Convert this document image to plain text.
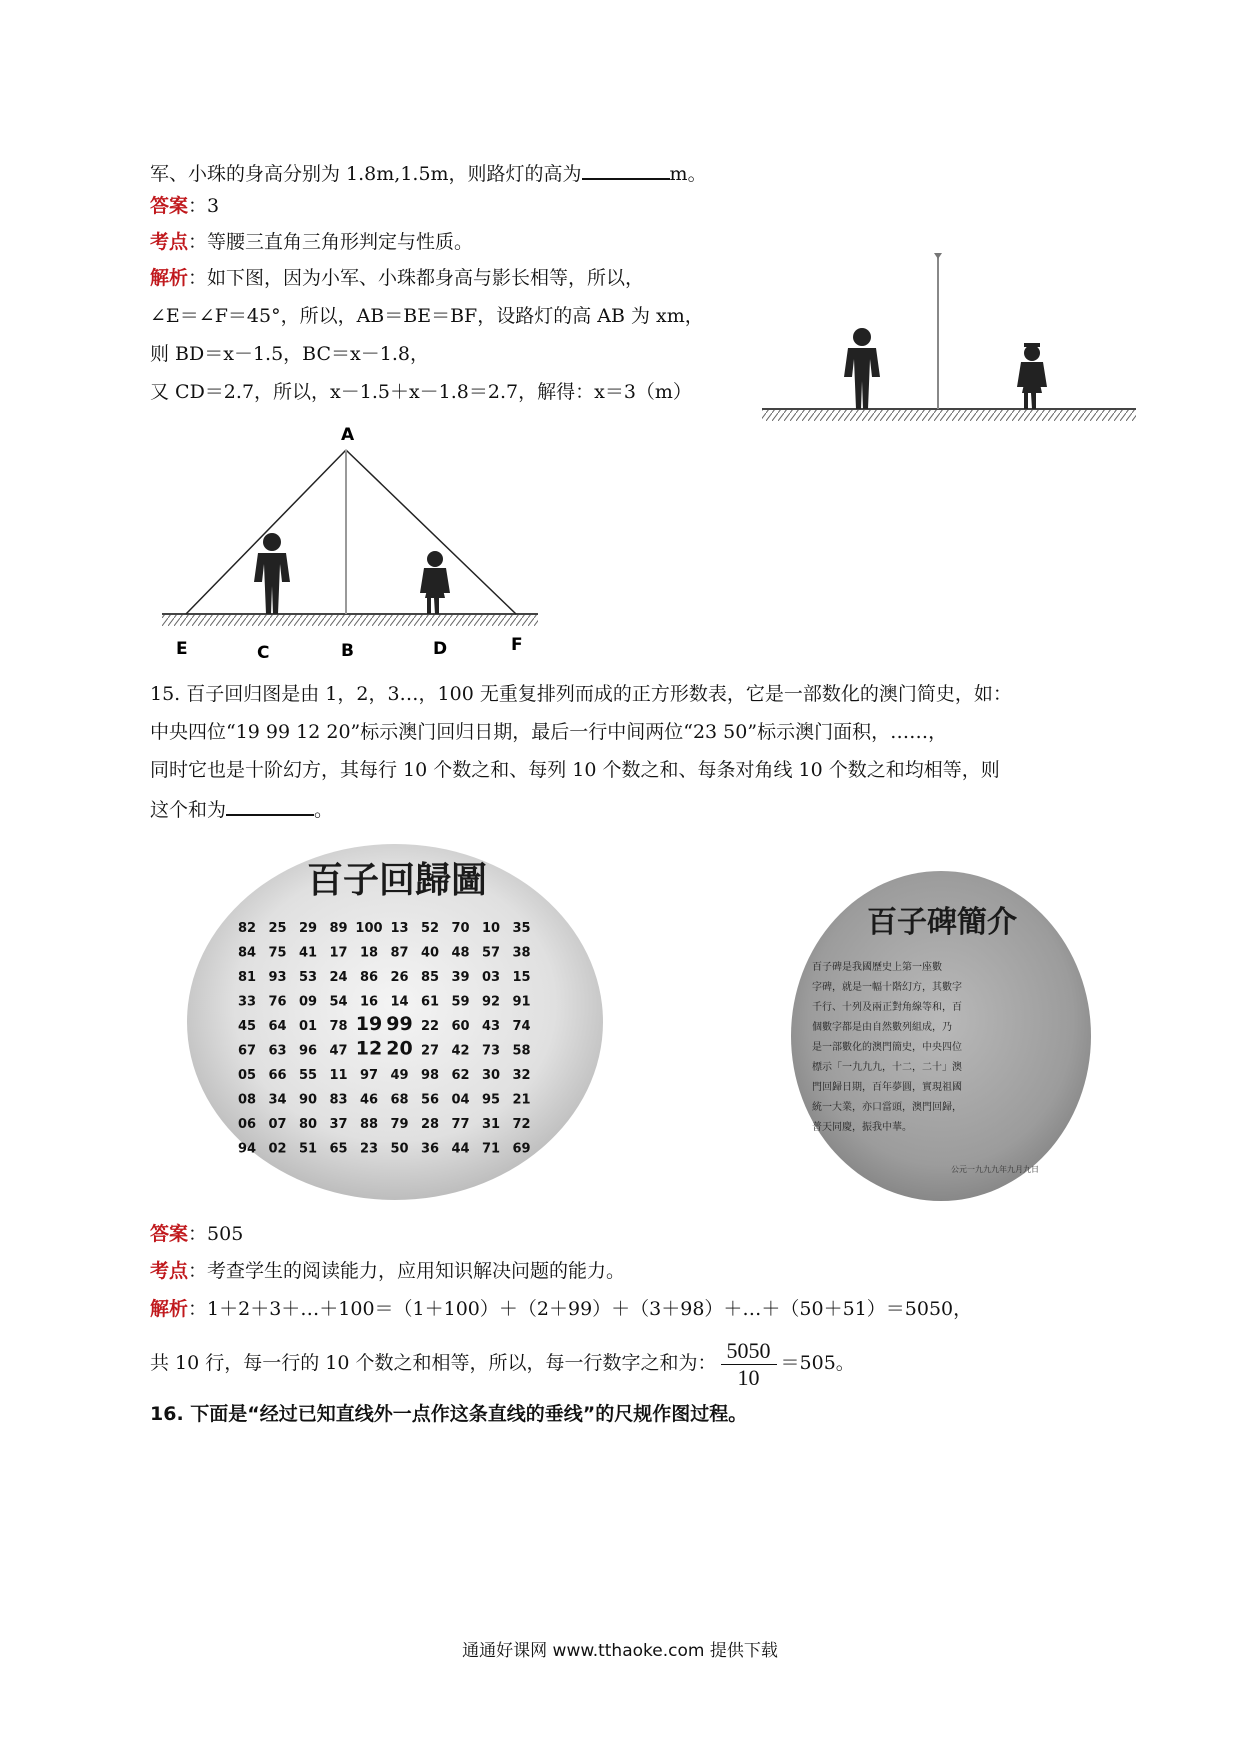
军、小珠的身高分别为 1.8m,1.5m，则路灯的高为	m。
答案：3
考点：等腰三直角三角形判定与性质。
解析：如下图，因为小军、小珠都身高与影长相等，所以，
∠E＝∠F＝45°，所以，AB＝BE＝BF，设路灯的高 AB 为 xm，
则 BD＝x－1.5，BC＝x－1.8，
又 CD＝2.7，所以，x－1.5＋x－1.8＝2.7，解得：x＝3（m）
A
E	C	B	D	F
15. 百子回归图是由 1，2，3…，100 无重复排列而成的正方形数表，它是一部数化的澳门简史，如：
中央四位“19 99 12 20”标示澳门回归日期，最后一行中间两位“23 50”标示澳门面积，……，
同时它也是十阶幻方，其每行 10 个数之和、每列 10 个数之和、每条对角线 10 个数之和均相等，则
这个和为	。
百子回歸圖
82 25 29 89 100 13 52 70 10 35
84 75 41 17 18 87 40 48 57 38
81 93 53 24 86 26 85 39 03 15
33 76 09 54 16 14 61 59 92 91
45 64 01 78 19 99 22 60 43 74
67 63 96 47 12 20 27 42 73 58
05 66 55 11 97 49 98 62 30 32
08 34 90 83 46 68 56 04 95 21
06 07 80 37 88 79 28 77 31 72
94 02 51 65 23 50 36 44 71 69
百子碑簡介
百子碑是我國歷史上第一座數
字碑，就是一幅十階幻方，其數字
千行、十列及兩正對角線等和，百
個數字都是由自然數列組成，乃
是一部數化的澳門簡史，中央四位
標示「一九九九，十二，二十」澳
門回歸日期，百年夢圓，實現祖國
統一大業，亦口當頭，澳門回歸，
普天同慶，振我中華。
公元一九九九年九月九日
答案：505
考点：考查学生的阅读能力，应用知识解决问题的能力。
解析：1＋2＋3＋…＋100＝（1＋100）＋（2＋99）＋（3＋98）＋…＋（50＋51）＝5050，
共 10 行，每一行的 10 个数之和相等，所以，每一行数字之和为： $\frac{5050}{10} =505$。
16. 下面是“经过已知直线外一点作这条直线的垂线”的尺规作图过程。
通通好课网 www.tthaoke.com 提供下载
